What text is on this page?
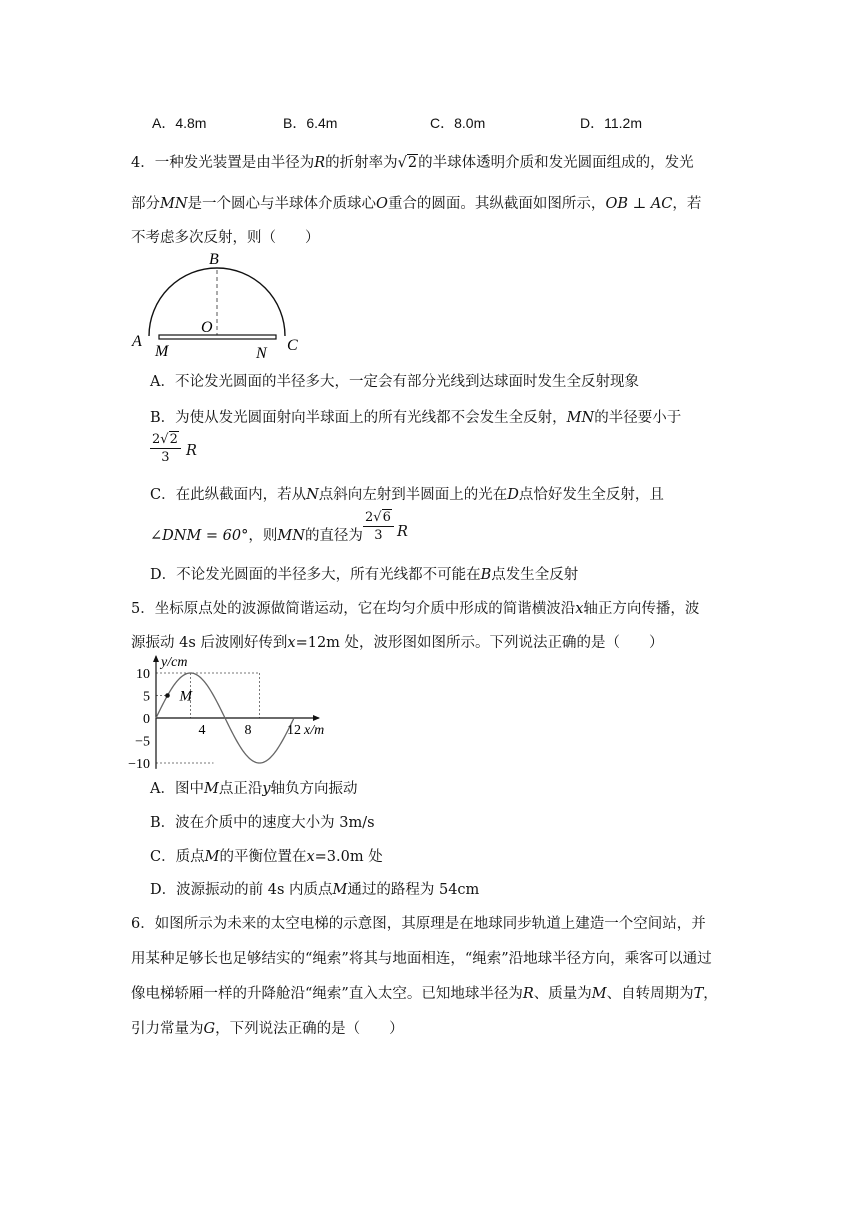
A．4.8m	B．6.4m	C．8.0m	D．11.2m
4．一种发光装置是由半径为R的折射率为√2的半球体透明介质和发光圆面组成的，发光
部分MN是一个圆心与半球体介质球心O重合的圆面。其纵截面如图所示，OB ⊥ AC，若
不考虑多次反射，则（　　）
B
O
A	C
M	N
A．不论发光圆面的半径多大，一定会有部分光线到达球面时发生全反射现象
B．为使从发光圆面射向半球面上的所有光线都不会发生全反射，MN的半径要小于
$\frac{2√2}{3}$ R
C．在此纵截面内，若从N点斜向左射到半圆面上的光在D点恰好发生全反射，且
∠DNM = 60°，则MN的直径为 $\frac{2√6}{3}$ R
D．不论发光圆面的半径多大，所有光线都不可能在B点发生全反射
5．坐标原点处的波源做简谐运动，它在均匀介质中形成的简谐横波沿x轴正方向传播，波
源振动 4s 后波刚好传到x=12m 处，波形图如图所示。下列说法正确的是（　　）
M
10
5
0
−5
−10
4	8	12
y/cm
x/m
A．图中M点正沿y轴负方向振动
B．波在介质中的速度大小为 3m/s
C．质点M的平衡位置在x=3.0m 处
D．波源振动的前 4s 内质点M通过的路程为 54cm
6．如图所示为未来的太空电梯的示意图，其原理是在地球同步轨道上建造一个空间站，并
用某种足够长也足够结实的“绳索”将其与地面相连，“绳索”沿地球半径方向，乘客可以通过
像电梯轿厢一样的升降舱沿“绳索”直入太空。已知地球半径为R、质量为M、自转周期为T，
引力常量为G，下列说法正确的是（　　）
